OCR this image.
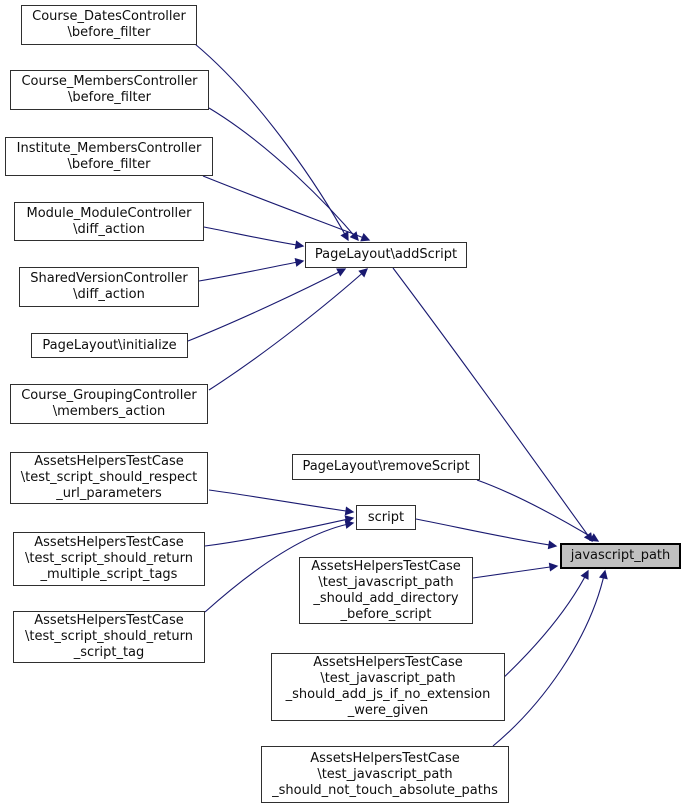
Course_DatesController
\before_filter
Course_MembersController
\before_filter
Institute_MembersController
\before_filter
Module_ModuleController
\diff_action
SharedVersionController
\diff_action
PageLayout\initialize
Course_GroupingController
\members_action
PageLayout\addScript
AssetsHelpersTestCase
\test_script_should_respect
_url_parameters
AssetsHelpersTestCase
\test_script_should_return
_multiple_script_tags
AssetsHelpersTestCase
\test_script_should_return
_script_tag
PageLayout\removeScript
script
AssetsHelpersTestCase
\test_javascript_path
_should_add_directory
_before_script
AssetsHelpersTestCase
\test_javascript_path
_should_add_js_if_no_extension
_were_given
AssetsHelpersTestCase
\test_javascript_path
_should_not_touch_absolute_paths
javascript_path
